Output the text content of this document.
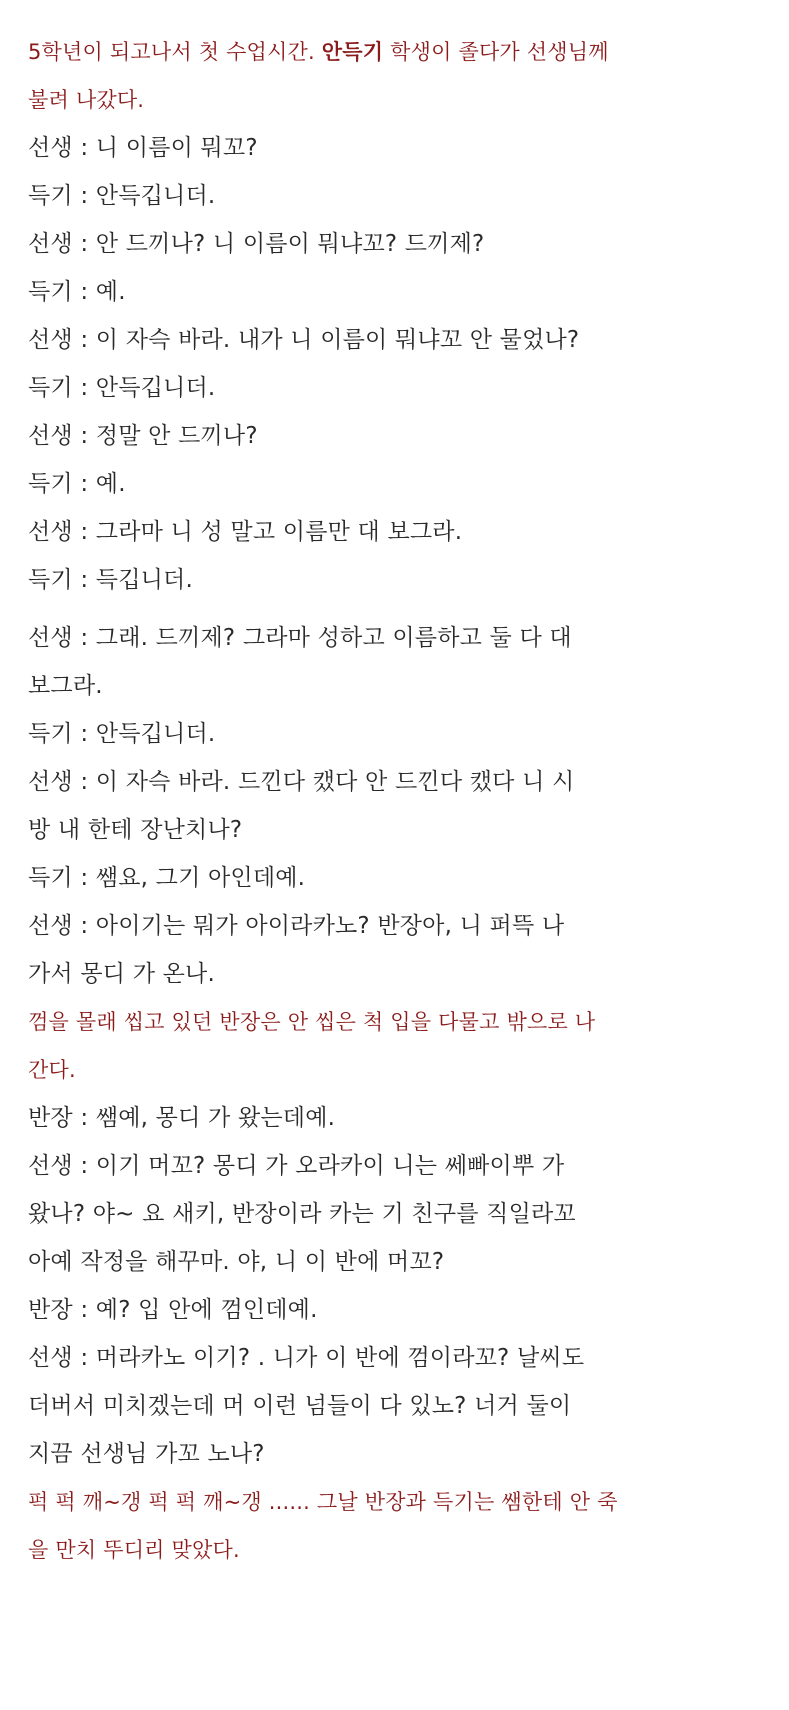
5학년이 되고나서 첫 수업시간. 안득기 학생이 졸다가 선생님께
불려 나갔다.
선생 : 니 이름이 뭐꼬?
득기 : 안득깁니더.
선생 : 안 드끼나? 니 이름이 뭐냐꼬? 드끼제?
득기 : 예.
선생 : 이 자슥 바라. 내가 니 이름이 뭐냐꼬 안 물었나?
득기 : 안득깁니더.
선생 : 정말 안 드끼나?
득기 : 예.
선생 : 그라마 니 성 말고 이름만 대 보그라.
득기 : 득깁니더.
선생 : 그래. 드끼제? 그라마 성하고 이름하고 둘 다 대
보그라.
득기 : 안득깁니더.
선생 : 이 자슥 바라. 드낀다 캤다 안 드낀다 캤다 니 시
방 내 한테 장난치나?
득기 : 쌤요, 그기 아인데예.
선생 : 아이기는 뭐가 아이라카노? 반장아, 니 퍼뜩 나
가서 몽디 가 온나.
껌을 몰래 씹고 있던 반장은 안 씹은 척 입을 다물고 밖으로 나
간다.
반장 : 쌤예, 몽디 가 왔는데예.
선생 : 이기 머꼬? 몽디 가 오라카이 니는 쎄빠이뿌 가
왔나? 야~ 요 새키, 반장이라 카는 기 친구를 직일라꼬
아예 작정을 해꾸마. 야, 니 이 반에 머꼬?
반장 : 예? 입 안에 껌인데예.
선생 : 머라카노 이기? . 니가 이 반에 껌이라꼬? 날씨도
더버서 미치겠는데 머 이런 넘들이 다 있노? 너거 둘이
지끔 선생님 가꼬 노나?
퍽 퍽 깨~갱 퍽 퍽 깨~갱 ...... 그날 반장과 득기는 쌤한테 안 죽
을 만치 뚜디리 맞았다.
